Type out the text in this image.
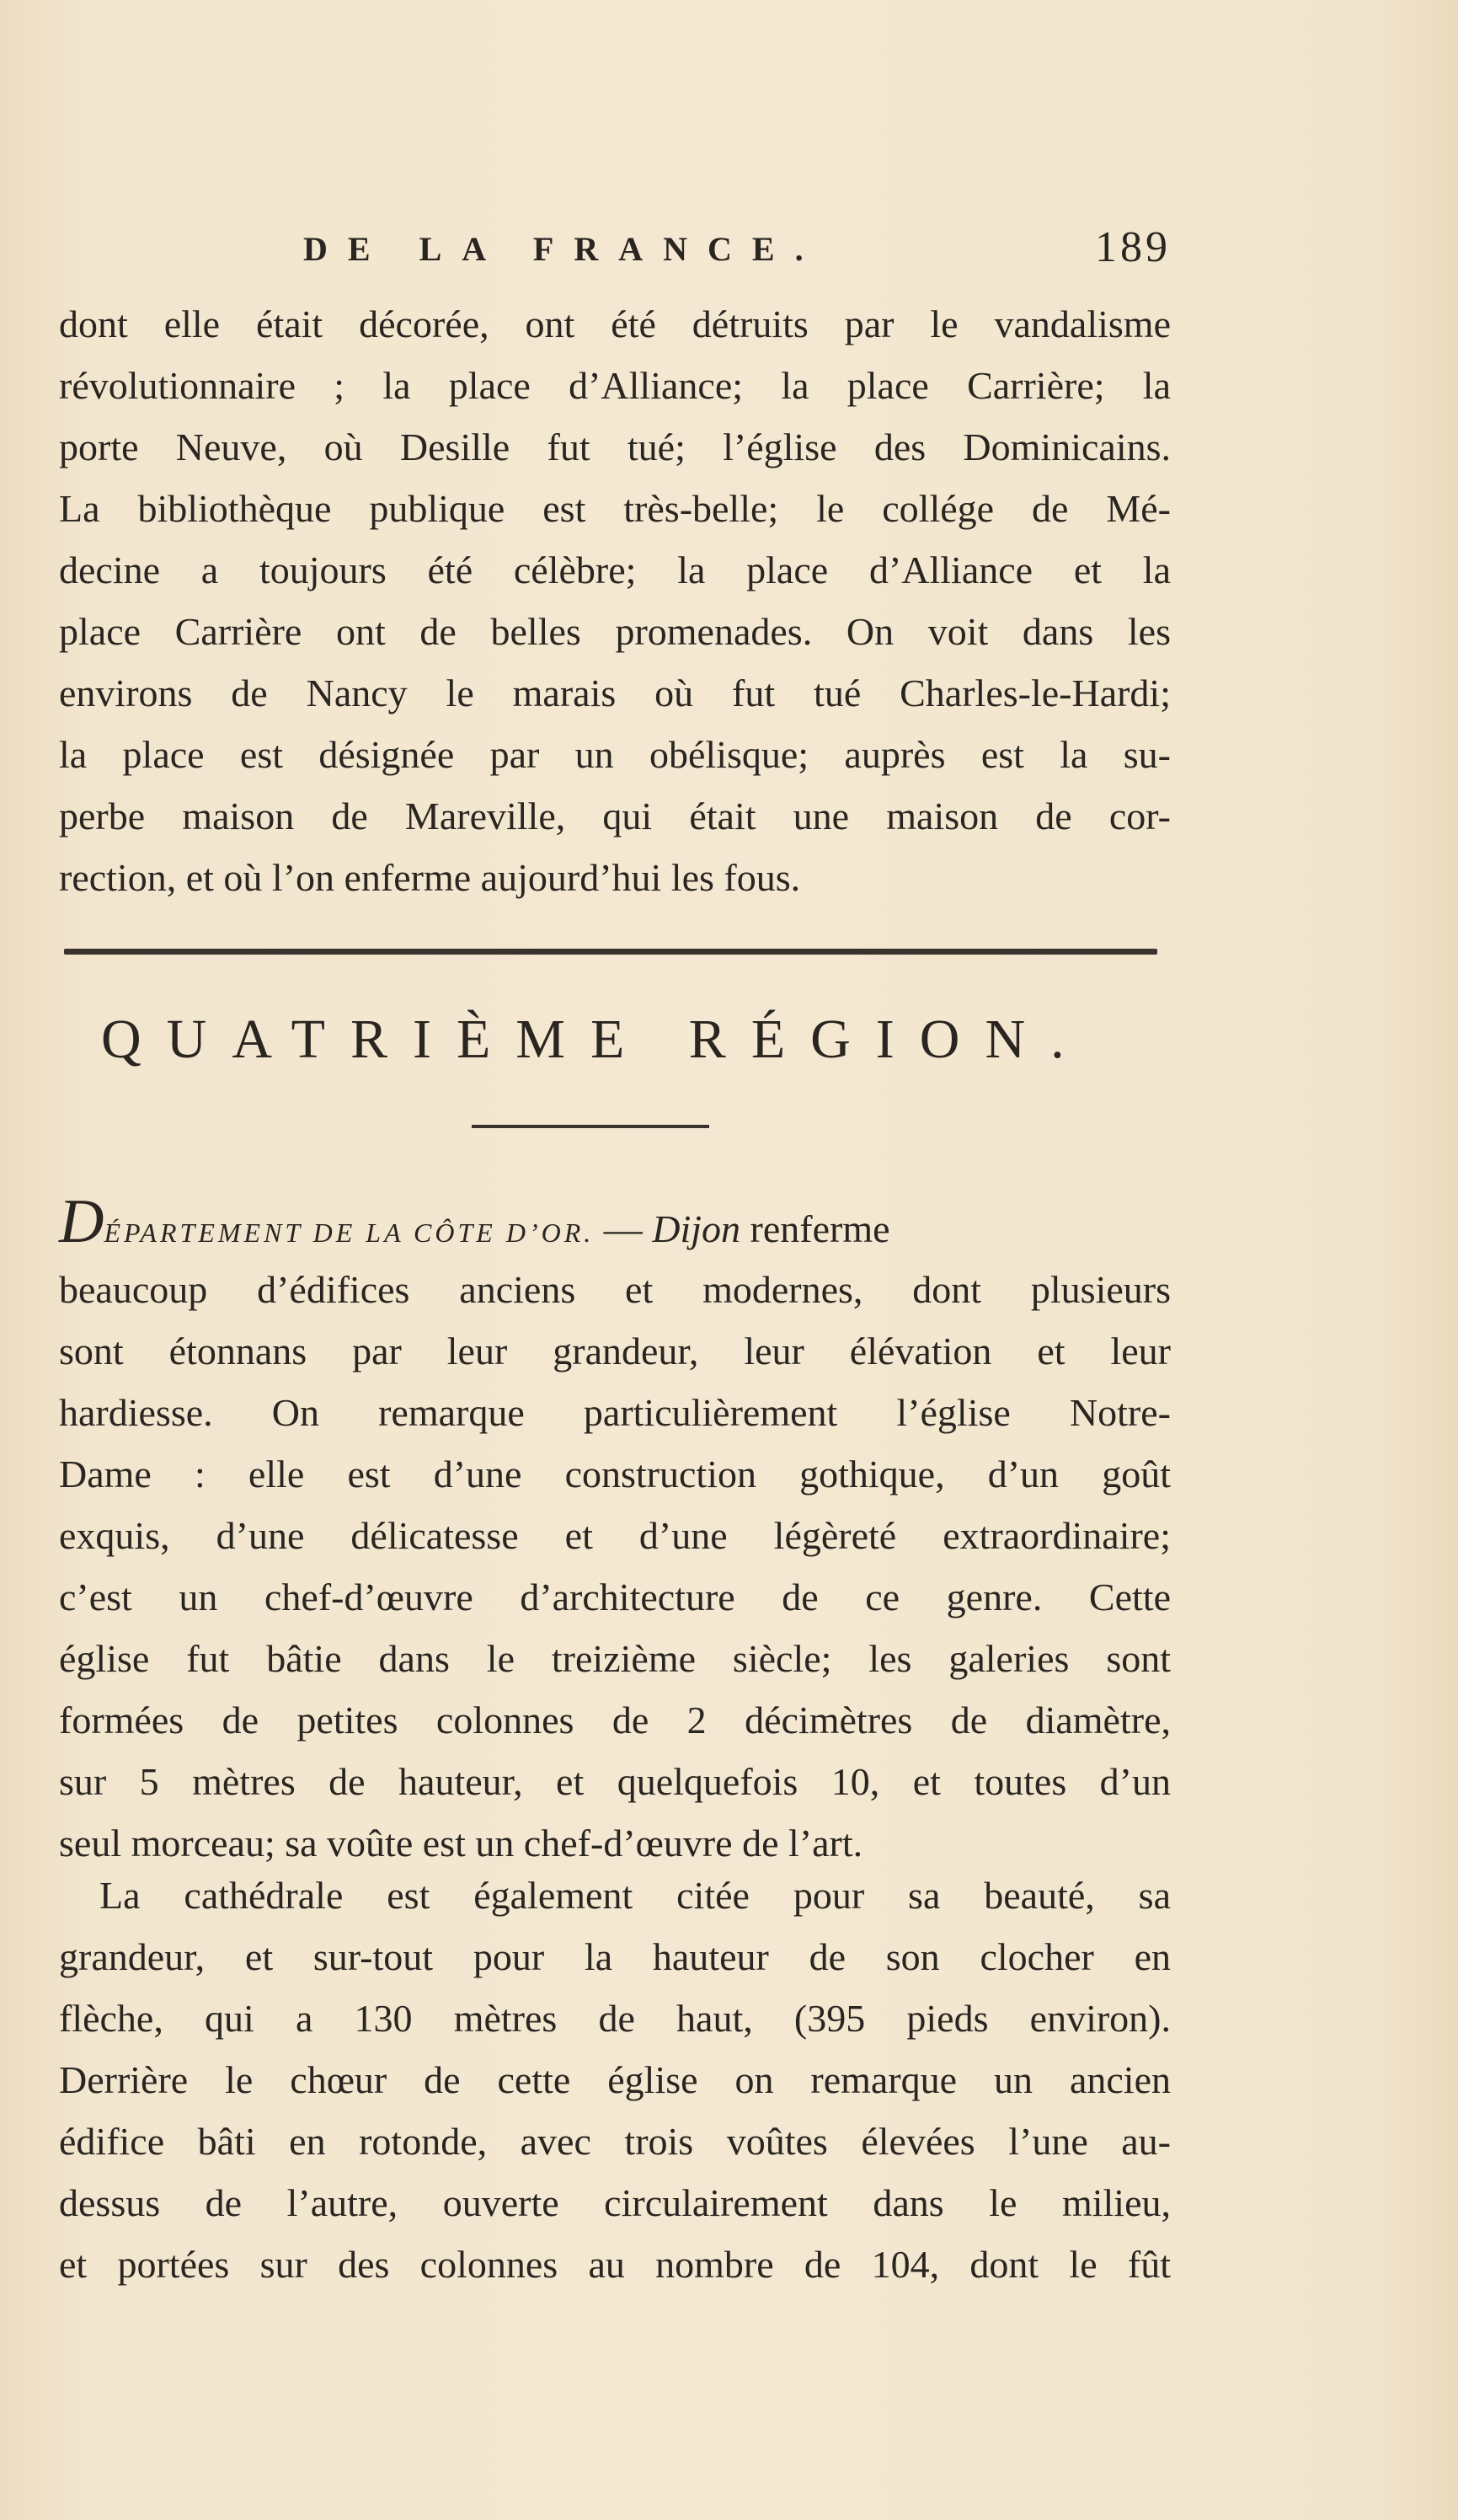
DE LA FRANCE.	189
dont elle était décorée, ont été détruits par le vandalisme
révolutionnaire ; la place d’Alliance; la place Carrière; la
porte Neuve, où Desille fut tué; l’église des Dominicains.
La bibliothèque publique est très-belle; le collége de Mé-
decine a toujours été célèbre; la place d’Alliance et la
place Carrière ont de belles promenades. On voit dans les
environs de Nancy le marais où fut tué Charles-le-Hardi;
la place est désignée par un obélisque; auprès est la su-
perbe maison de Mareville, qui était une maison de cor-
rection, et où l’on enferme aujourd’hui les fous.
QUATRIÈME RÉGION.
DÉPARTEMENT DE LA CÔTE D’OR. — Dijon renferme
beaucoup d’édifices anciens et modernes, dont plusieurs
sont étonnans par leur grandeur, leur élévation et leur
hardiesse. On remarque particulièrement l’église Notre-
Dame : elle est d’une construction gothique, d’un goût
exquis, d’une délicatesse et d’une légèreté extraordinaire;
c’est un chef-d’œuvre d’architecture de ce genre. Cette
église fut bâtie dans le treizième siècle; les galeries sont
formées de petites colonnes de 2 décimètres de diamètre,
sur 5 mètres de hauteur, et quelquefois 10, et toutes d’un
seul morceau; sa voûte est un chef-d’œuvre de l’art.
La cathédrale est également citée pour sa beauté, sa
grandeur, et sur-tout pour la hauteur de son clocher en
flèche, qui a 130 mètres de haut, (395 pieds environ).
Derrière le chœur de cette église on remarque un ancien
édifice bâti en rotonde, avec trois voûtes élevées l’une au-
dessus de l’autre, ouverte circulairement dans le milieu,
et portées sur des colonnes au nombre de 104, dont le fût
